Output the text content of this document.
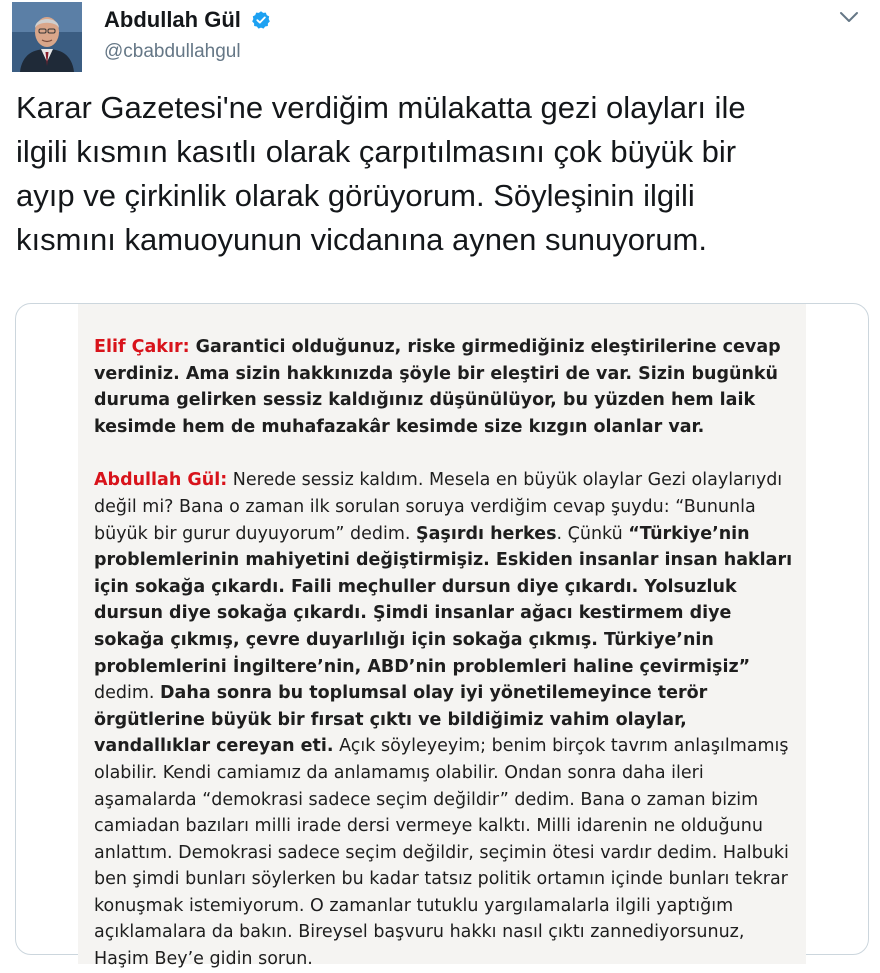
Abdullah Gül
@cbabdullahgul
Karar Gazetesi'ne verdiğim mülakatta gezi olayları ile
ilgili kısmın kasıtlı olarak çarpıtılmasını çok büyük bir
ayıp ve çirkinlik olarak görüyorum. Söyleşinin ilgili
kısmını kamuoyunun vicdanına aynen sunuyorum.

Elif Çakır: Garantici olduğunuz, riske girmediğiniz eleştirilerine cevap verdiniz. Ama sizin hakkınızda şöyle bir eleştiri de var. Sizin bugünkü duruma gelirken sessiz kaldığınız düşünülüyor, bu yüzden hem laik kesimde hem de muhafazakâr kesimde size kızgın olanlar var.

Abdullah Gül: Nerede sessiz kaldım. Mesela en büyük olaylar Gezi olaylarıydı değil mi? Bana o zaman ilk sorulan soruya verdiğim cevap şuydu: “Bununla büyük bir gurur duyuyorum” dedim. Şaşırdı herkes. Çünkü “Türkiye’nin problemlerinin mahiyetini değiştirmişiz. Eskiden insanlar insan hakları için sokağa çıkardı. Faili meçhuller dursun diye çıkardı. Yolsuzluk dursun diye sokağa çıkardı. Şimdi insanlar ağacı kestirmem diye sokağa çıkmış, çevre duyarlılığı için sokağa çıkmış. Türkiye’nin problemlerini İngiltere’nin, ABD’nin problemleri haline çevirmişiz” dedim. Daha sonra bu toplumsal olay iyi yönetilemeyince terör örgütlerine büyük bir fırsat çıktı ve bildiğimiz vahim olaylar, vandallıklar cereyan eti. Açık söyleyeyim; benim birçok tavrım anlaşılmamış olabilir. Kendi camiamız da anlamamış olabilir. Ondan sonra daha ileri aşamalarda “demokrasi sadece seçim değildir” dedim. Bana o zaman bizim camiadan bazıları milli irade dersi vermeye kalktı. Milli idarenin ne olduğunu anlattım. Demokrasi sadece seçim değildir, seçimin ötesi vardır dedim. Halbuki ben şimdi bunları söylerken bu kadar tatsız politik ortamın içinde bunları tekrar konuşmak istemiyorum. O zamanlar tutuklu yargılamalarla ilgili yaptığım açıklamalara da bakın. Bireysel başvuru hakkı nasıl çıktı zannediyorsunuz, Haşim Bey’e gidin sorun.
